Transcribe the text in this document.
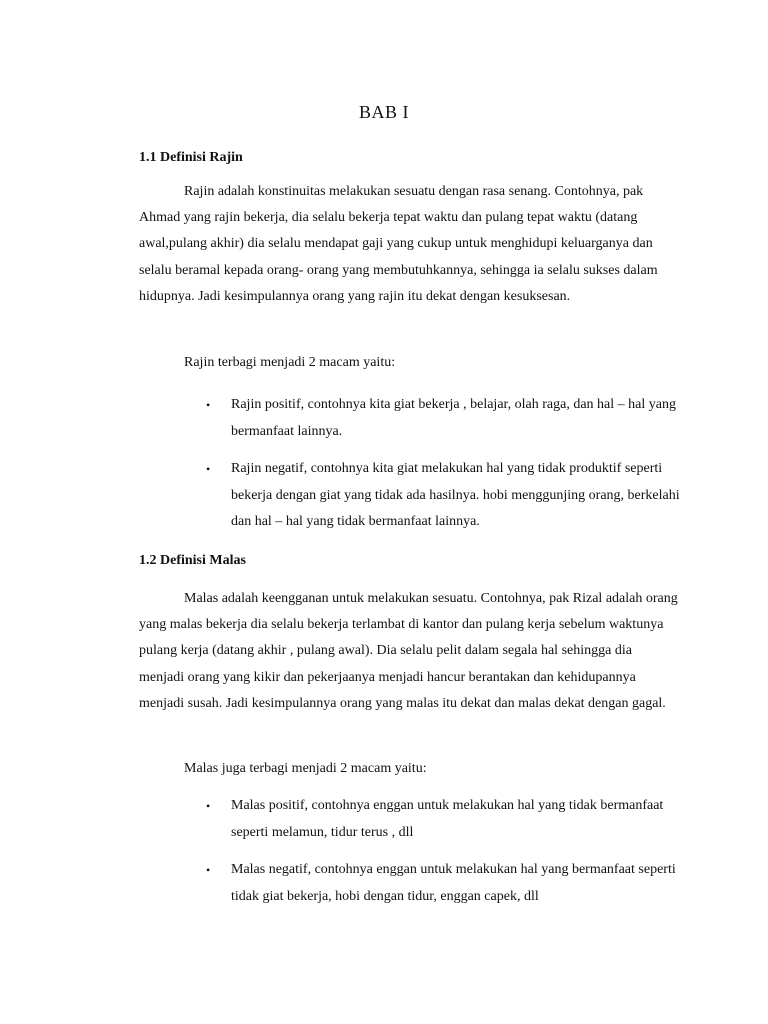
BAB I
1.1 Definisi Rajin
Rajin adalah konstinuitas melakukan sesuatu dengan rasa senang. Contohnya, pak Ahmad yang rajin bekerja, dia selalu bekerja tepat waktu dan pulang tepat waktu (datang awal,pulang akhir) dia selalu mendapat gaji yang cukup untuk menghidupi keluarganya dan selalu beramal kepada orang- orang yang membutuhkannya, sehingga ia selalu sukses dalam hidupnya. Jadi kesimpulannya orang yang rajin itu dekat dengan kesuksesan.
Rajin terbagi menjadi 2 macam yaitu:
• Rajin positif, contohnya kita giat bekerja , belajar, olah raga, dan hal – hal yang bermanfaat lainnya.
• Rajin negatif, contohnya kita giat melakukan hal yang tidak produktif seperti bekerja dengan giat yang tidak ada hasilnya. hobi menggunjing orang, berkelahi dan hal – hal yang tidak bermanfaat lainnya.
1.2 Definisi Malas
Malas adalah keengganan untuk melakukan sesuatu. Contohnya, pak Rizal adalah orang yang malas bekerja dia selalu bekerja terlambat di kantor dan pulang kerja sebelum waktunya pulang kerja (datang akhir , pulang awal). Dia selalu pelit dalam segala hal sehingga dia menjadi orang yang kikir dan pekerjaanya menjadi hancur berantakan dan kehidupannya menjadi susah. Jadi kesimpulannya orang yang malas itu dekat dan malas dekat dengan gagal.
Malas juga terbagi menjadi 2 macam yaitu:
• Malas positif, contohnya enggan untuk melakukan hal yang tidak bermanfaat seperti melamun, tidur terus , dll
• Malas negatif, contohnya enggan untuk melakukan hal yang bermanfaat seperti tidak giat bekerja, hobi dengan tidur, enggan capek, dll
